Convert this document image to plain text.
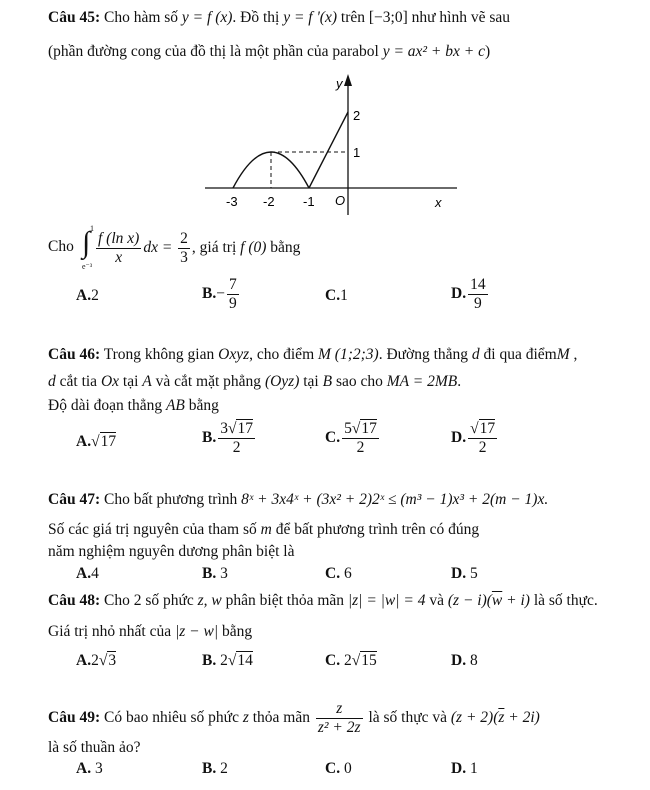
Câu 45: Cho hàm số y = f (x). Đồ thị y = f '(x) trên [−3;0] như hình vẽ sau
(phần đường cong của đồ thị là một phần của parabol y = ax² + bx + c)
y
2
1
-3 -2 -1 O	x
Cho ∫ 1
$e^{-3} \frac{\text{f (ln x)}}{x}$ dx = $\frac{2}{3}$ , giá trị f (0) bằng
A.2	$B.- \frac{7}{9}$	C.1	D. $\frac{14}{9}$
Câu 46: Trong không gian Oxyz, cho điểm M (1;2;3). Đường thẳng d đi qua điểmM ,
d cắt tia Ox tại A và cắt mặt phẳng (Oyz) tại B sao cho MA = 2MB.
Độ dài đoạn thẳng AB bằng
A.√17	B. $\frac{3√17}{2}$	C. $\frac{5√17}{2}$	D. $\frac{√17}{2}$
Câu 47: Cho bất phương trình 8ˣ + 3x4ˣ + (3x² + 2)2ˣ ≤ (m³ − 1)x³ + 2(m − 1)x.
Số các giá trị nguyên của tham số m để bất phương trình trên có đúng
năm nghiệm nguyên dương phân biệt là
A.4	B. 3	C. 6	D. 5
Câu 48: Cho 2 số phức z, w phân biệt thỏa mãn |z| = |w| = 4 và $(z - i)(\overline{w} + i)$ là số thực.
Giá trị nhỏ nhất của |z − w| bằng
A.2√3	B. 2√14	C. 2√15	D. 8
Câu 49: Có bao nhiêu số phức z thỏa mãn $\frac{z}{z^2 + 2\overline{z}}$ là số thực và $(z + 2)(\overline{z} + 2i)$
là số thuần ảo?
A. 3	B. 2	C. 0	D. 1
